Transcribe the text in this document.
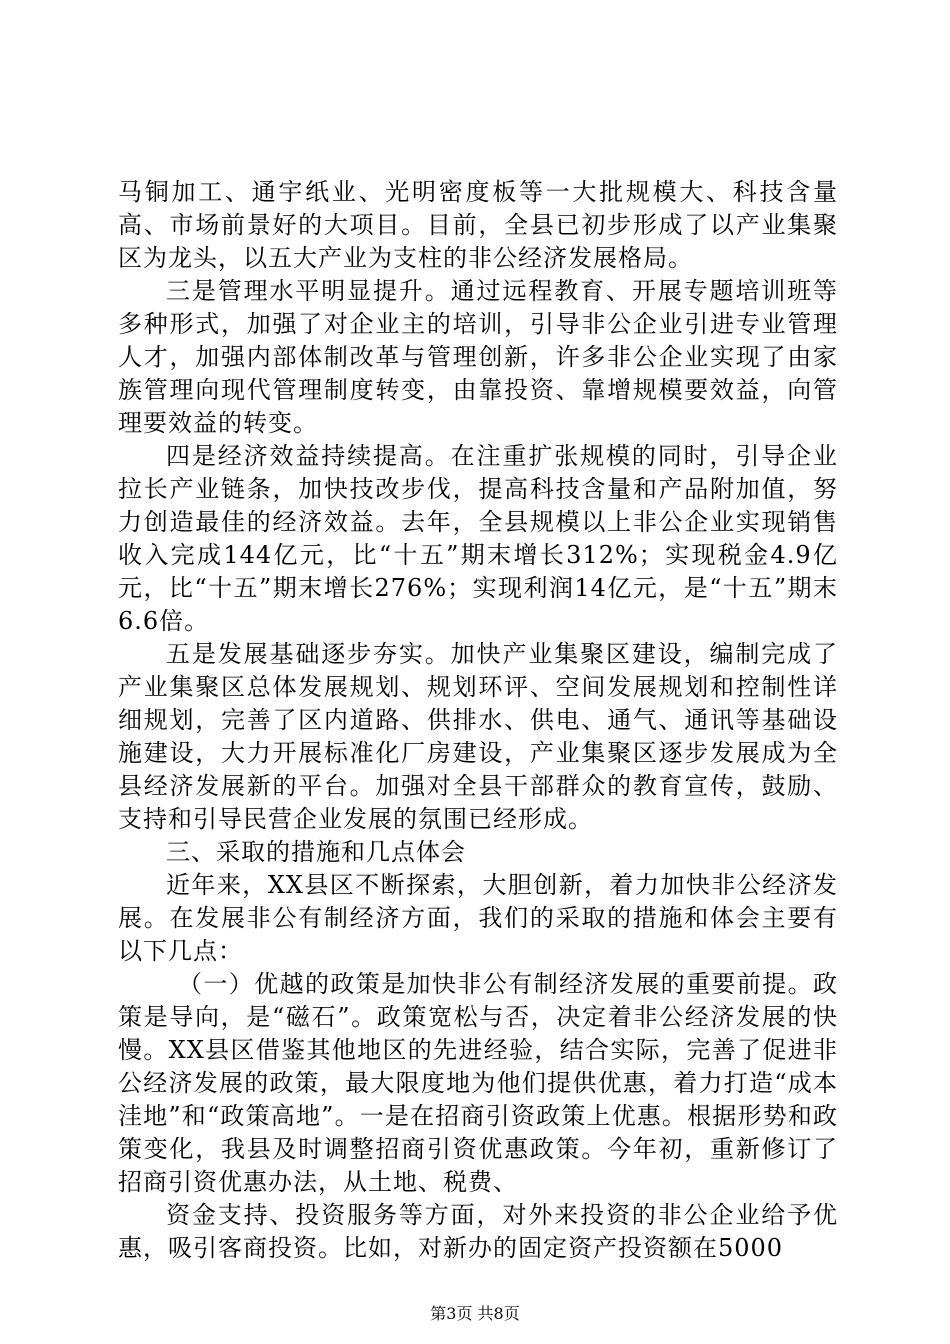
马铜加工、通宇纸业、光明密度板等一大批规模大、科技含量高、市场前景好的大项目。目前，全县已初步形成了以产业集聚区为龙头，以五大产业为支柱的非公经济发展格局。

三是管理水平明显提升。通过远程教育、开展专题培训班等多种形式，加强了对企业主的培训，引导非公企业引进专业管理人才，加强内部体制改革与管理创新，许多非公企业实现了由家族管理向现代管理制度转变，由靠投资、靠增规模要效益，向管理要效益的转变。

四是经济效益持续提高。在注重扩张规模的同时，引导企业拉长产业链条，加快技改步伐，提高科技含量和产品附加值，努力创造最佳的经济效益。去年，全县规模以上非公企业实现销售收入完成144亿元，比“十五”期末增长312%；实现税金4.9亿元，比“十五”期末增长276%；实现利润14亿元，是“十五”期末6.6倍。

五是发展基础逐步夯实。加快产业集聚区建设，编制完成了产业集聚区总体发展规划、规划环评、空间发展规划和控制性详细规划，完善了区内道路、供排水、供电、通气、通讯等基础设施建设，大力开展标准化厂房建设，产业集聚区逐步发展成为全县经济发展新的平台。加强对全县干部群众的教育宣传，鼓励、支持和引导民营企业发展的氛围已经形成。

三、采取的措施和几点体会

近年来，XX县区不断探索，大胆创新，着力加快非公经济发展。在发展非公有制经济方面，我们的采取的措施和体会主要有以下几点：

（一）优越的政策是加快非公有制经济发展的重要前提。政策是导向，是“磁石”。政策宽松与否，决定着非公经济发展的快慢。XX县区借鉴其他地区的先进经验，结合实际，完善了促进非公经济发展的政策，最大限度地为他们提供优惠，着力打造“成本洼地”和“政策高地”。一是在招商引资政策上优惠。根据形势和政策变化，我县及时调整招商引资优惠政策。今年初，重新修订了招商引资优惠办法，从土地、税费、

资金支持、投资服务等方面，对外来投资的非公企业给予优惠，吸引客商投资。比如，对新办的固定资产投资额在5000

第3页 共8页
